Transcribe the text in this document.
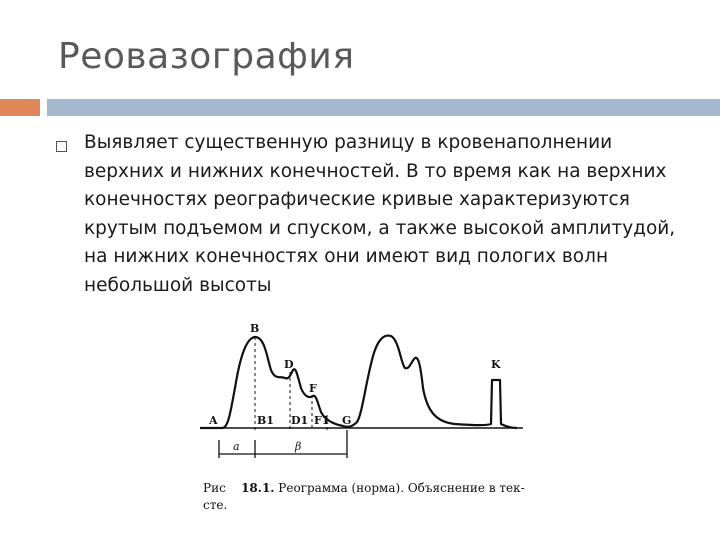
Реовазография
Выявляет существенную разницу в кровенаполнении верхних и нижних конечностей. В то время как на верхних конечностях реографические кривые характеризуются крутым подъемом и спуском, а также высокой амплитудой, на нижних конечностях они имеют вид пологих волн небольшой высоты
A
B
B1
D
D1
F
F1 G
K
a	β
Рис 18.1. Реограмма (норма). Объяснение в тек-
сте.
